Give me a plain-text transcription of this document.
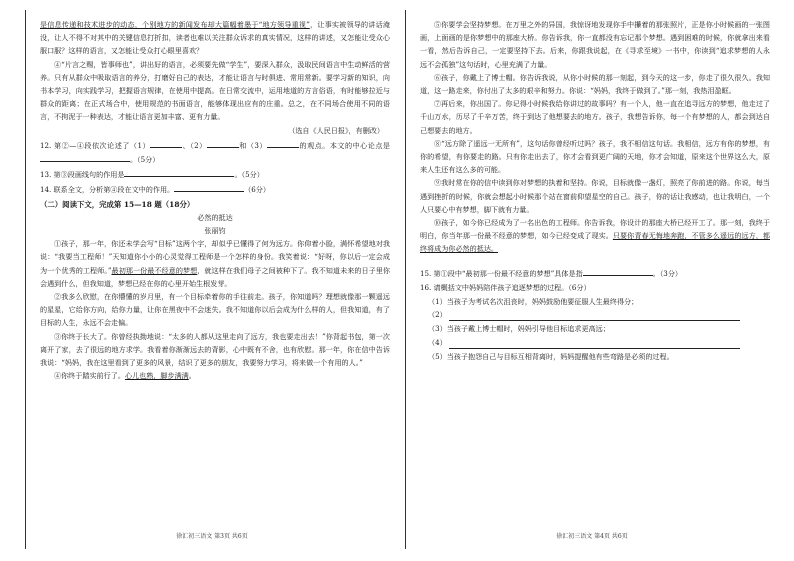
是信息传递和技术进步的动态，个别地方的新闻发布却大篇幅着墨于“地方领导重视”，让事实被领导的讲话淹没，让人不得不对其中的关键信息打折扣，读者也难以关注群众诉求的真实情况，这样的讲述，又怎能让受众心服口服？这样的语言，又怎能让受众打心眼里喜欢？

④“片言之赐，皆事师也”，讲出好的语言，必须要先做“学生”，要深入群众，汲取民间语言中生动鲜活的营养。只有从群众中吸取语言的养分，打磨好自己的表达，才能让语言与时俱进、常用常新。要学习新的知识，向书本学习，向实践学习，把握语言规律，在使用中提高。在日常交流中，运用地道的方言俗语，有时能够拉近与群众的距离；在正式场合中，使用规范的书面语言，能够体现出应有的庄重。总之，在不同场合使用不同的语言，不拘泥于一种表达，才能让语言更加丰富、更有力量。

（选自《人民日报》，有删改）

12. 第②—④段依次论述了（1）	、（2）	和（3）	的观点。本文的中心论点是。（5分）

13. 第③段画线句的作用是	。（5分）

14. 联系全文，分析第④段在文中的作用。	（6分）

（二）阅读下文，完成第 15—18 题（18分）

必然的抵达

张丽钧

①孩子，那一年，你还未学会写“目标”这两个字，却似乎已懂得了何为远方。你仰着小脸，满怀希望地对我说：“我要当工程师！”天知道你小小的心灵觉得工程师是一个怎样的身份。我笑着说：“好呀，你以后一定会成为一个优秀的工程师。”最初那一份最不经意的梦想，就这样在我们母子之间被种下了。我不知道未来的日子里你会遇到什么，但我知道，梦想已经在你的心里开始生根发芽。

②我多么欣慰，在你懵懂的岁月里，有一个目标牵着你的手往前走。孩子，你知道吗？理想就像那一颗遥远的星星，它给你方向，给你力量，让你在黑夜中不会迷失。我不知道你以后会成为什么样的人，但我知道，有了目标的人生，永远不会走偏。

③你终于长大了。你曾经执拗地说：“太多的人都从这里走向了远方，我也要走出去！”你背起书包，第一次离开了家，去了很远的地方求学。我看着你渐渐远去的背影，心中既有不舍，也有欣慰。那一年，你在信中告诉我说：“妈妈，我在这里看到了更多的风景，结识了更多的朋友，我要努力学习，将来做一个有用的人。”

④你终于踏实前行了。心儿也熟，脚步满满。

⑤你要学会坚持梦想。在万里之外的异国，我惊讶地发现你手中攥着的那张照片，正是你小时候画的一张图画，上面画的是你梦想中的那座大桥。你告诉我，你一直都没有忘记那个梦想。遇到困难的时候，你就拿出来看一看，然后告诉自己，一定要坚持下去。后来，你跟我说起，在《寻求至境》一书中，你读到“追求梦想的人永远不会孤独”这句话时，心里充满了力量。

⑥孩子，你戴上了博士帽。你告诉我说，从你小时候的那一刻起，到今天的这一步，你走了很久很久。我知道，这一路走来，你付出了太多的艰辛和努力。你说：“妈妈，我终于做到了。”那一刻，我热泪盈眶。

⑦再后来，你出国了。你记得小时候我给你讲过的故事吗？有一个人，他一直在追寻远方的梦想，他走过了千山万水，历尽了千辛万苦，终于到达了他想要去的地方。孩子，我想告诉你，每一个有梦想的人，都会到达自己想要去的地方。

⑧“远方除了遥远一无所有”，这句话你曾经听过吗？孩子，我不相信这句话。我相信，远方有你的梦想，有你的希望，有你要走的路。只有你走出去了，你才会看到更广阔的天地，你才会知道，原来这个世界这么大，原来人生还有这么多的可能。

⑨我时常在你的信中读到你对梦想的执着和坚持。你说，目标就像一盏灯，照亮了你前进的路。你说，每当遇到挫折的时候，你就会想起小时候那个站在窗前仰望星空的自己。孩子，你的话让我感动，也让我明白，一个人只要心中有梦想，脚下就有力量。

⑩孩子，如今你已经成为了一名出色的工程师。你告诉我，你设计的那座大桥已经开工了。那一刻，我终于明白，你当年那一份最不经意的梦想，如今已经变成了现实。只要你青春无悔地奔跑，不管多么遥远的远方，都终将成为你必然的抵达。

15. 第①段中“最初那一份最不经意的梦想”具体是指	。（3分）

16. 请概括文中妈妈陪伴孩子追逐梦想的过程。（6分）

（1）当孩子为考试名次沮丧时，妈妈鼓励他要征服人生最终得分；

（2）

（3）当孩子戴上博士帽时，妈妈引导他目标追求更高远；

（4）

（5）当孩子抱怨自己与目标互相背离时，妈妈提醒他有些弯路是必须的过程。

徐汇初三语文 第3页 共6页	徐汇初三语文 第4页 共6页
